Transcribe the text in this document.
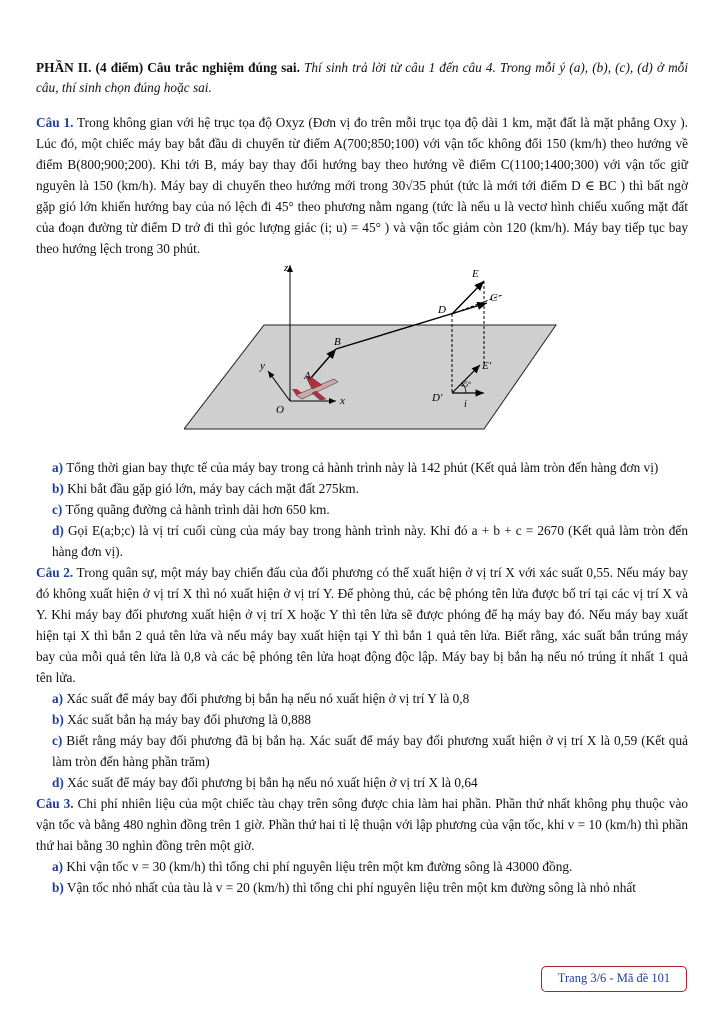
PHẦN II. (4 điểm) Câu trắc nghiệm đúng sai. Thí sinh trả lời từ câu 1 đến câu 4. Trong mỗi ý (a), (b), (c), (d) ở mỗi câu, thí sinh chọn đúng hoặc sai.
Câu 1. Trong không gian với hệ trục tọa độ Oxyz (Đơn vị đo trên mỗi trục tọa độ dài 1 km, mặt đất là mặt phẳng Oxy ). Lúc đó, một chiếc máy bay bắt đầu di chuyển từ điểm A(700;850;100) với vận tốc không đổi 150 (km/h) theo hướng về điểm B(800;900;200). Khi tới B, máy bay thay đổi hướng bay theo hướng về điểm C(1100;1400;300) với vận tốc giữ nguyên là 150 (km/h). Máy bay di chuyển theo hướng mới trong 30√35 phút (tức là mới tới điểm D ∈ BC ) thì bất ngờ gặp gió lớn khiến hướng bay của nó lệch đi 45° theo phương nằm ngang (tức là nếu u là vectơ hình chiếu xuống mặt đất của đoạn đường từ điểm D trở đi thì góc lượng giác (i; u) = 45° ) và vận tốc giảm còn 120 (km/h). Máy bay tiếp tục bay theo hướng lệch trong 30 phút.
z
y
x
O
A
B
C
D
E
D'
E'
45°
i
a) Tổng thời gian bay thực tế của máy bay trong cả hành trình này là 142 phút (Kết quả làm tròn đến hàng đơn vị)
b) Khi bắt đầu gặp gió lớn, máy bay cách mặt đất 275km.
c) Tổng quãng đường cả hành trình dài hơn 650 km.
d) Gọi E(a;b;c) là vị trí cuối cùng của máy bay trong hành trình này. Khi đó a + b + c = 2670 (Kết quả làm tròn đến hàng đơn vị).
Câu 2. Trong quân sự, một máy bay chiến đấu của đối phương có thể xuất hiện ở vị trí X với xác suất 0,55. Nếu máy bay đó không xuất hiện ở vị trí X thì nó xuất hiện ở vị trí Y. Để phòng thủ, các bệ phóng tên lửa được bố trí tại các vị trí X và Y. Khi máy bay đối phương xuất hiện ở vị trí X hoặc Y thì tên lửa sẽ được phóng để hạ máy bay đó. Nếu máy bay xuất hiện tại X thì bắn 2 quả tên lửa và nếu máy bay xuất hiện tại Y thì bắn 1 quả tên lửa. Biết rằng, xác suất bắn trúng máy bay của mỗi quả tên lửa là 0,8 và các bệ phóng tên lửa hoạt động độc lập. Máy bay bị bắn hạ nếu nó trúng ít nhất 1 quả tên lửa.
a) Xác suất để máy bay đối phương bị bắn hạ nếu nó xuất hiện ở vị trí Y là 0,8
b) Xác suất bắn hạ máy bay đối phương là 0,888
c) Biết rằng máy bay đối phương đã bị bắn hạ. Xác suất để máy bay đối phương xuất hiện ở vị trí X là 0,59 (Kết quả làm tròn đến hàng phần trăm)
d) Xác suất để máy bay đối phương bị bắn hạ nếu nó xuất hiện ở vị trí X là 0,64
Câu 3. Chi phí nhiên liệu của một chiếc tàu chạy trên sông được chia làm hai phần. Phần thứ nhất không phụ thuộc vào vận tốc và bằng 480 nghìn đồng trên 1 giờ. Phần thứ hai tỉ lệ thuận với lập phương của vận tốc, khi v = 10 (km/h) thì phần thứ hai bằng 30 nghìn đồng trên một giờ.
a) Khi vận tốc v = 30 (km/h) thì tổng chi phí nguyên liệu trên một km đường sông là 43000 đồng.
b) Vận tốc nhỏ nhất của tàu là v = 20 (km/h) thì tổng chi phí nguyên liệu trên một km đường sông là nhỏ nhất
Trang 3/6 - Mã đề 101
